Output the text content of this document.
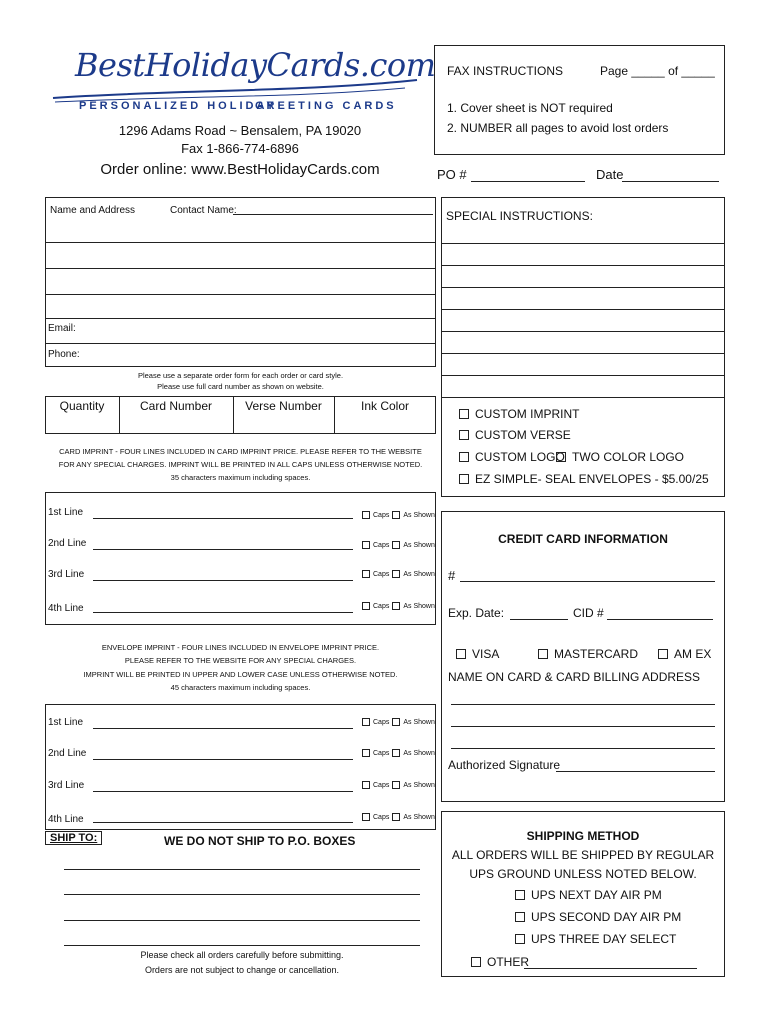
BestHolidayCards.com
PERSONALIZED HOLIDAY
GREETING CARDS
1296 Adams Road ~ Bensalem, PA 19020
Fax 1-866-774-6896
Order online: www.BestHolidayCards.com
FAX INSTRUCTIONS	Page _____ of _____
1. Cover sheet is NOT required
2. NUMBER all pages to avoid lost orders
PO #	Date
Name and Address	Contact Name:
Email:
Phone:
Please use a separate order form for each order or card style.
Please use full card number as shown on website.
Quantity	Card Number	Verse Number	Ink Color
SPECIAL INSTRUCTIONS:
CUSTOM IMPRINT
CUSTOM VERSE
CUSTOM LOGO TWO COLOR LOGO
EZ SIMPLE- SEAL ENVELOPES - $5.00/25
CARD IMPRINT - FOUR LINES INCLUDED IN CARD IMPRINT PRICE. PLEASE REFER TO THE WEBSITE
FOR ANY SPECIAL CHARGES. IMPRINT WILL BE PRINTED IN ALL CAPS UNLESS OTHERWISE NOTED.
35 characters maximum including spaces.
1st Line	Caps As Shown
2nd Line	Caps As Shown
3rd Line	Caps As Shown
4th Line	Caps As Shown
ENVELOPE IMPRINT - FOUR LINES INCLUDED IN ENVELOPE IMPRINT PRICE.
PLEASE REFER TO THE WEBSITE FOR ANY SPECIAL CHARGES.
IMPRINT WILL BE PRINTED IN UPPER AND LOWER CASE UNLESS OTHERWISE NOTED.
45 characters maximum including spaces.
1st Line	Caps As Shown
2nd Line	Caps As Shown
3rd Line	Caps As Shown
4th Line	Caps As Shown
CREDIT CARD INFORMATION
#
Exp. Date:	CID #
VISA	MASTERCARD	AM EX
NAME ON CARD & CARD BILLING ADDRESS
Authorized Signature
SHIP TO:	WE DO NOT SHIP TO P.O. BOXES
Please check all orders carefully before submitting.
Orders are not subject to change or cancellation.
SHIPPING METHOD
ALL ORDERS WILL BE SHIPPED BY REGULAR
UPS GROUND UNLESS NOTED BELOW.
UPS NEXT DAY AIR PM
UPS SECOND DAY AIR PM
UPS THREE DAY SELECT
OTHER
